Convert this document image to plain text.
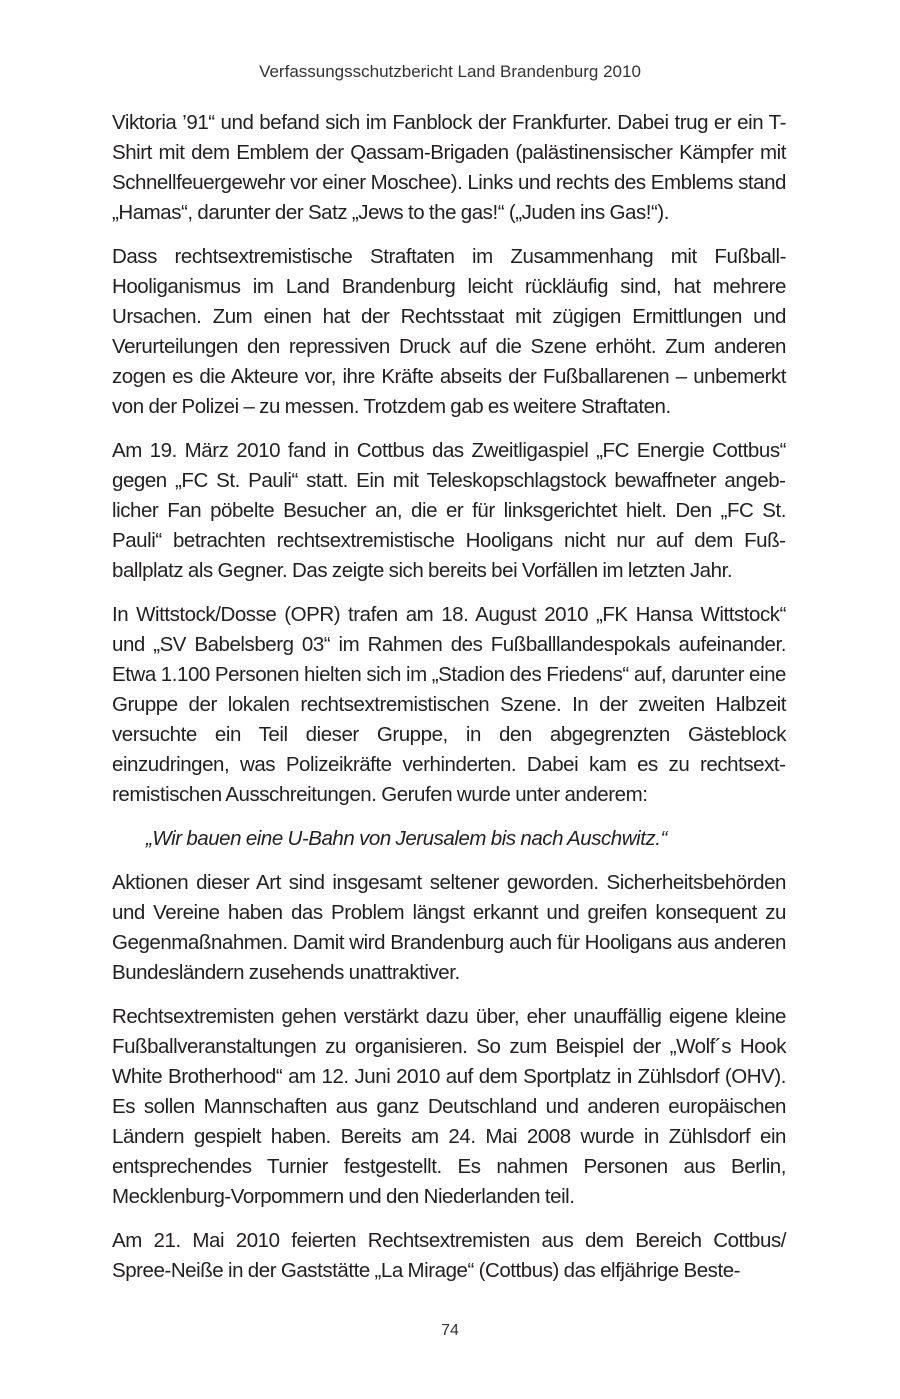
Verfassungsschutzbericht Land Brandenburg 2010

Viktoria ’91“ und befand sich im Fanblock der Frankfurter. Dabei trug er ein T-Shirt mit dem Emblem der Qassam-Brigaden (palästinensischer Kämpfer mit Schnellfeuergewehr vor einer Moschee). Links und rechts des Emblems stand „Hamas“, darunter der Satz „Jews to the gas!“ („Juden ins Gas!“).

Dass rechtsextremistische Straftaten im Zusammenhang mit Fußball-Hooliganismus im Land Brandenburg leicht rückläufig sind, hat mehrere Ursachen. Zum einen hat der Rechtsstaat mit zügigen Ermittlungen und Verurteilungen den repressiven Druck auf die Szene erhöht. Zum anderen zogen es die Akteure vor, ihre Kräfte abseits der Fußballarenen – unbemerkt von der Polizei – zu messen. Trotzdem gab es weitere Straftaten.

Am 19. März 2010 fand in Cottbus das Zweitligaspiel „FC Energie Cottbus“ gegen „FC St. Pauli“ statt. Ein mit Teleskopschlagstock bewaffneter angeblicher Fan pöbelte Besucher an, die er für linksgerichtet hielt. Den „FC St. Pauli“ betrachten rechtsextremistische Hooligans nicht nur auf dem Fußballplatz als Gegner. Das zeigte sich bereits bei Vorfällen im letzten Jahr.

In Wittstock/Dosse (OPR) trafen am 18. August 2010 „FK Hansa Wittstock“ und „SV Babelsberg 03“ im Rahmen des Fußballlandespokals aufeinander. Etwa 1.100 Personen hielten sich im „Stadion des Friedens“ auf, darunter eine Gruppe der lokalen rechtsextremistischen Szene. In der zweiten Halbzeit versuchte ein Teil dieser Gruppe, in den abgegrenzten Gästeblock einzudringen, was Polizeikräfte verhinderten. Dabei kam es zu rechtsextremistischen Ausschreitungen. Gerufen wurde unter anderem:

„Wir bauen eine U-Bahn von Jerusalem bis nach Auschwitz.“

Aktionen dieser Art sind insgesamt seltener geworden. Sicherheitsbehörden und Vereine haben das Problem längst erkannt und greifen konsequent zu Gegenmaßnahmen. Damit wird Brandenburg auch für Hooligans aus anderen Bundesländern zusehends unattraktiver.

Rechtsextremisten gehen verstärkt dazu über, eher unauffällig eigene kleine Fußballveranstaltungen zu organisieren. So zum Beispiel der „Wolf´s Hook White Brotherhood“ am 12. Juni 2010 auf dem Sportplatz in Zühlsdorf (OHV). Es sollen Mannschaften aus ganz Deutschland und anderen europäischen Ländern gespielt haben. Bereits am 24. Mai 2008 wurde in Zühlsdorf ein entsprechendes Turnier festgestellt. Es nahmen Personen aus Berlin, Mecklenburg-Vorpommern und den Niederlanden teil.

Am 21. Mai 2010 feierten Rechtsextremisten aus dem Bereich Cottbus/ Spree-Neiße in der Gaststätte „La Mirage“ (Cottbus) das elfjährige Beste-

74
